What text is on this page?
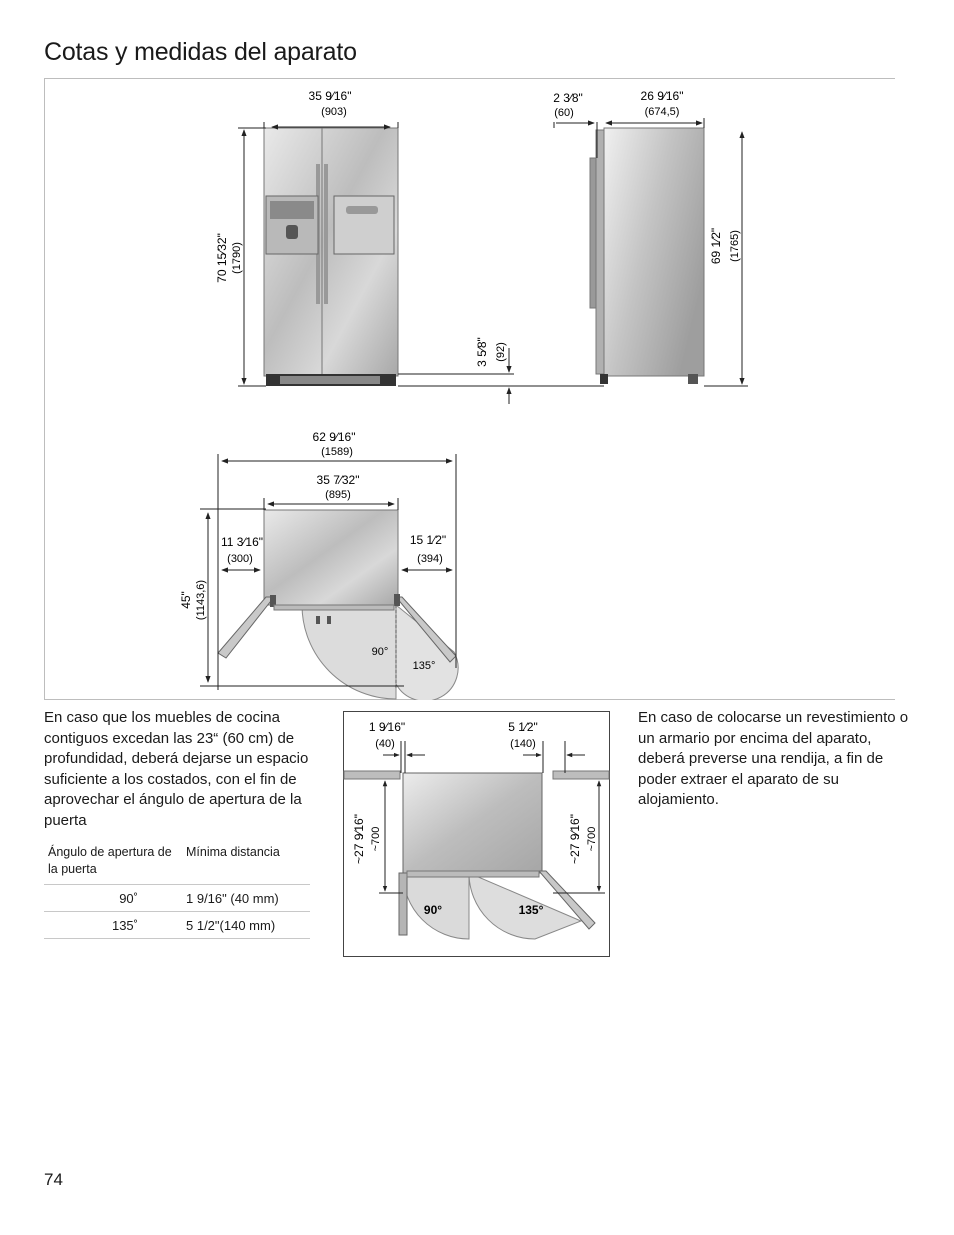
Cotas y medidas del aparato
35 9⁄16"
(903)
70 15⁄32" (1790)
3 5⁄8" (92)
2 3⁄8"
(60)
26 9⁄16"
(674,5)
69 1⁄2" (1765)
62 9⁄16"
(1589)
35 7⁄32"
(895)
11 3⁄16"
(300)
15 1⁄2"
(394)
45" (1143,6)
90°
135°

En caso que los muebles de cocina contiguos excedan las 23“ (60 cm) de profundidad, deberá dejarse un espacio suficiente a los costados, con el fin de aprovechar el ángulo de apertura de la puerta

Ángulo de apertura de la puerta	Mínima distancia
90˚	1 9/16" (40 mm)
135˚	5 1/2"(140 mm)
1 9⁄16"
(40)
5 1⁄2"
(140)
~27 9⁄16" ~700	~27 9⁄16" ~700
90°	135°

En caso de colocarse un revestimiento o un armario por encima del aparato, deberá preverse una rendija, a fin de poder extraer el aparato de su alojamiento.

74
